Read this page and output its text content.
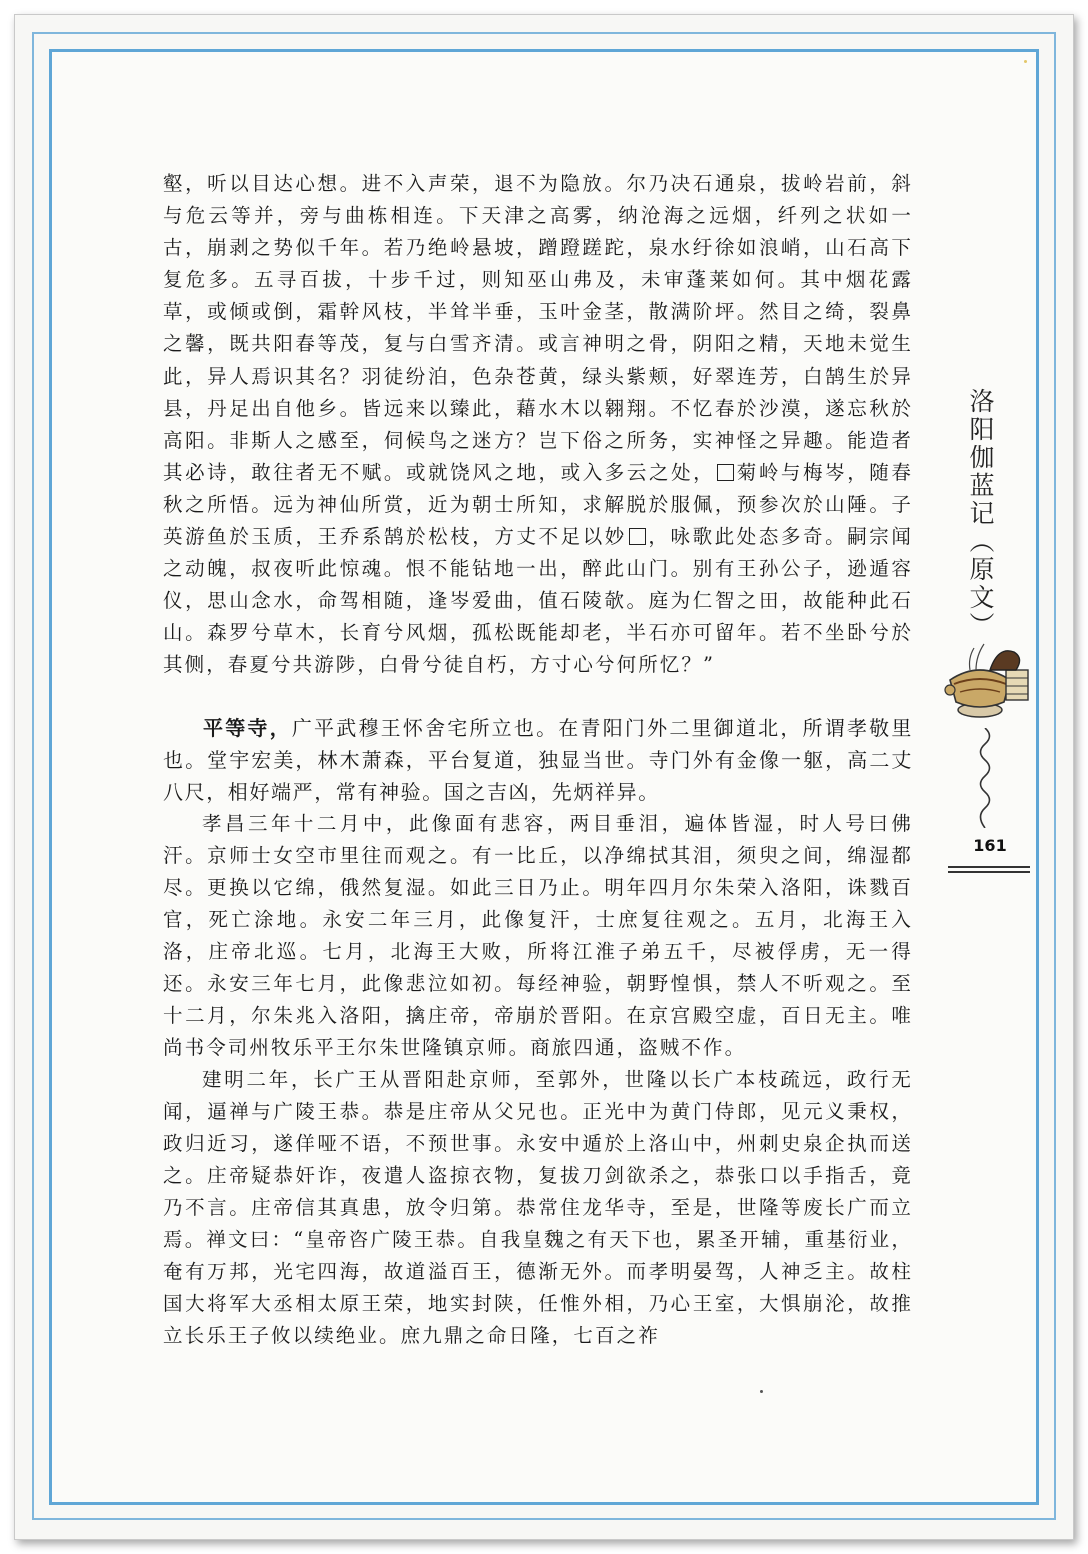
壑，听以目达心想。进不入声荣，退不为隐放。尔乃决石通泉，拔岭岩前，斜与危云等并，旁与曲栋相连。下天津之高雾，纳沧海之远烟，纤列之状如一古，崩剥之势似千年。若乃绝岭悬坡，蹭蹬蹉跎，泉水纡徐如浪峭，山石高下复危多。五寻百拔，十步千过，则知巫山弗及，未审蓬莱如何。其中烟花露草，或倾或倒，霜幹风枝，半耸半垂，玉叶金茎，散满阶坪。然目之绮，裂鼻之馨，既共阳春等茂，复与白雪齐清。或言神明之骨，阴阳之精，天地未觉生此，异人焉识其名？羽徒纷泊，色杂苍黄，绿头紫颊，好翠连芳，白鹄生於异县，丹足出自他乡。皆远来以臻此，藉水木以翱翔。不忆春於沙漠，遂忘秋於高阳。非斯人之感至，伺候鸟之迷方？岂下俗之所务，实神怪之异趣。能造者其必诗，敢往者无不赋。或就饶风之地，或入多云之处， 菊岭与梅岑，随春秋之所悟。远为神仙所赏，近为朝士所知，求解脱於服佩，预参次於山陲。子英游鱼於玉质，王乔系鹄於松枝，方丈不足以妙 ，咏歌此处态多奇。嗣宗闻之动魄，叔夜听此惊魂。恨不能钻地一出，醉此山门。别有王孙公子，逊遁容仪，思山念水，命驾相随，逢岑爱曲，值石陵欹。庭为仁智之田，故能种此石山。森罗兮草木，长育兮风烟，孤松既能却老，半石亦可留年。若不坐卧兮於其侧，春夏兮共游陟，白骨兮徒自朽，方寸心兮何所忆？”

平等寺，广平武穆王怀舍宅所立也。在青阳门外二里御道北，所谓孝敬里也。堂宇宏美，林木萧森，平台复道，独显当世。寺门外有金像一躯，高二丈八尺，相好端严，常有神验。国之吉凶，先炳祥异。

孝昌三年十二月中，此像面有悲容，两目垂泪，遍体皆湿，时人号曰佛汗。京师士女空市里往而观之。有一比丘，以净绵拭其泪，须臾之间，绵湿都尽。更换以它绵，俄然复湿。如此三日乃止。明年四月尔朱荣入洛阳，诛戮百官，死亡涂地。永安二年三月，此像复汗，士庶复往观之。五月，北海王入洛，庄帝北巡。七月，北海王大败，所将江淮子弟五千，尽被俘虏，无一得还。永安三年七月，此像悲泣如初。每经神验，朝野惶惧，禁人不听观之。至十二月，尔朱兆入洛阳，擒庄帝，帝崩於晋阳。在京宫殿空虚，百日无主。唯尚书令司州牧乐平王尔朱世隆镇京师。商旅四通，盗贼不作。

建明二年，长广王从晋阳赴京师，至郭外，世隆以长广本枝疏远，政行无闻，逼禅与广陵王恭。恭是庄帝从父兄也。正光中为黄门侍郎，见元义秉权，政归近习，遂佯哑不语，不预世事。永安中遁於上洛山中，州刺史泉企执而送之。庄帝疑恭奸诈，夜遣人盗掠衣物，复拔刀剑欲杀之，恭张口以手指舌，竟乃不言。庄帝信其真患，放令归第。恭常住龙华寺，至是，世隆等废长广而立焉。禅文曰：“皇帝咨广陵王恭。自我皇魏之有天下也，累圣开辅，重基衍业，奄有万邦，光宅四海，故道溢百王，德渐无外。而孝明晏驾，人神乏主。故柱国大将军大丞相太原王荣，地实封陕，任惟外相，乃心王室，大惧崩沦，故推立长乐王子攸以续绝业。庶九鼎之命日隆，七百之祚

洛阳伽蓝记（原文）
161
